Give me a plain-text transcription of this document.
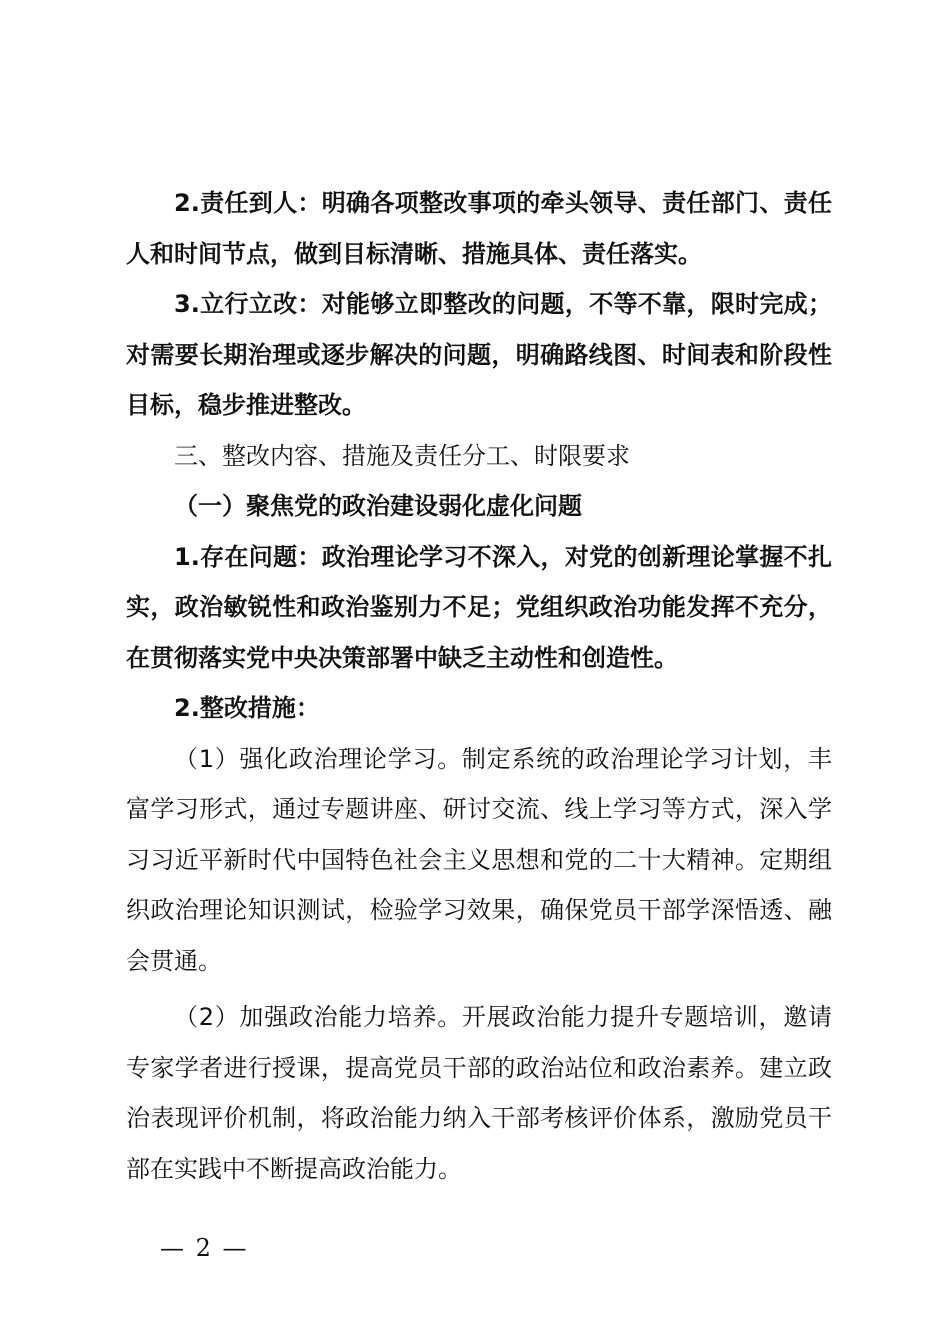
2.责任到人：明确各项整改事项的牵头领导、责任部门、责任人和时间节点，做到目标清晰、措施具体、责任落实。

3.立行立改：对能够立即整改的问题，不等不靠，限时完成；对需要长期治理或逐步解决的问题，明确路线图、时间表和阶段性目标，稳步推进整改。

三、整改内容、措施及责任分工、时限要求

（一）聚焦党的政治建设弱化虚化问题

1.存在问题：政治理论学习不深入，对党的创新理论掌握不扎实，政治敏锐性和政治鉴别力不足；党组织政治功能发挥不充分，在贯彻落实党中央决策部署中缺乏主动性和创造性。

2.整改措施：

（1）强化政治理论学习。制定系统的政治理论学习计划，丰富学习形式，通过专题讲座、研讨交流、线上学习等方式，深入学习习近平新时代中国特色社会主义思想和党的二十大精神。定期组织政治理论知识测试，检验学习效果，确保党员干部学深悟透、融会贯通。

（2）加强政治能力培养。开展政治能力提升专题培训，邀请专家学者进行授课，提高党员干部的政治站位和政治素养。建立政治表现评价机制，将政治能力纳入干部考核评价体系，激励党员干部在实践中不断提高政治能力。

— 2 —
